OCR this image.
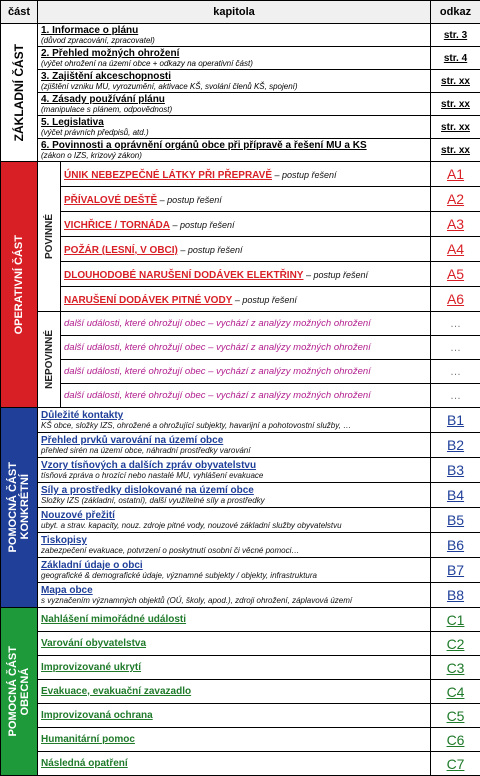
část	kapitola		odkaz

ZÁKLADNÍ ČÁST	1. Informace o plánu
(důvod zpracování, zpracovatel)		str. 3

	2. Přehled možných ohrožení
(výčet ohrožení na území obce + odkazy na operativní část)		str. 4

	3. Zajištění akceschopnosti
(zjištění vzniku MU, vyrozumění, aktivace KŠ, svolání členů KŠ, spojení)		str. xx

	4. Zásady používání plánu
(manipulace s plánem, odpovědnost)		str. xx

	5. Legislativa
(výčet právních předpisů, atd.)		str. xx

	6. Povinnosti a oprávnění orgánů obce při přípravě a řešení MU a KS
(zákon o IZS, krizový zákon)		str. xx

OPERATIVNÍ ČÁST	POVINNÉ	ÚNIK NEBEZPEČNÉ LÁTKY PŘI PŘEPRAVĚ – postup řešení	A1
		PŘÍVALOVÉ DEŠTĚ – postup řešení	A2
		VICHŘICE / TORNÁDA – postup řešení	A3
		POŽÁR (LESNÍ, V OBCI) – postup řešení	A4
		DLOUHODOBÉ NARUŠENÍ DODÁVEK ELEKTŘINY – postup řešení	A5
		NARUŠENÍ DODÁVEK PITNÉ VODY – postup řešení	A6

	NEPOVINNÉ	další události, které ohrožují obec – vychází z analýzy možných ohrožení	…

		další události, které ohrožují obec – vychází z analýzy možných ohrožení	…

		další události, které ohrožují obec – vychází z analýzy možných ohrožení	…

		další události, které ohrožují obec – vychází z analýzy možných ohrožení	…

POMOCNÁ ČÁST
KONKRÉTNÍ	Důležité kontakty
KŠ obce, složky IZS, ohrožené a ohrožující subjekty, havarijní a pohotovostní služby, …		B1

	Přehled prvků varování na území obce
přehled sirén na území obce, náhradní prostředky varování		B2

	Vzory tísňových a dalších zpráv obyvatelstvu
tísňová zpráva o hrozící nebo nastalé MU, vyhlášení evakuace		B3

	Síly a prostředky dislokované na území obce
Složky IZS (základní, ostatní), další využitelné síly a prostředky		B4

	Nouzové přežití
ubyt. a strav. kapacity, nouz. zdroje pitné vody, nouzové základní služby obyvatelstvu		B5

	Tiskopisy
zabezpečení evakuace, potvrzení o poskytnutí osobní či věcné pomoci…		B6

	Základní údaje o obci
geografické & demografické údaje, významné subjekty / objekty, infrastruktura		B7

	Mapa obce
s vyznačením významných objektů (OÚ, školy, apod.), zdroji ohrožení, záplavová území		B8

POMOCNÁ ČÁST
OBECNÁ	Nahlášení mimořádné události		C1

	Varování obyvatelstva		C2

	Improvizované ukrytí		C3

	Evakuace, evakuační zavazadlo		C4

	Improvizovaná ochrana		C5

	Humanitární pomoc		C6

	Následná opatření		C7
